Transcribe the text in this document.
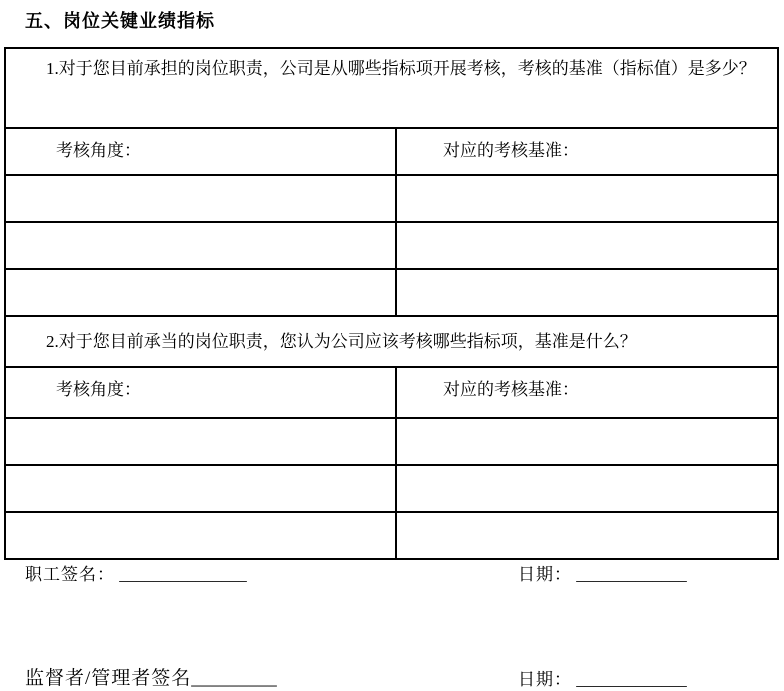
五、岗位关键业绩指标
1.对于您目前承担的岗位职责，公司是从哪些指标项开展考核，考核的基准（指标值）是多少？	
考核角度：	对应的考核基准：

2.对于您目前承当的岗位职责，您认为公司应该考核哪些指标项，基准是什么？	
考核角度：	对应的考核基准：

职工签名： _______________	日期： _____________
监督者/管理者签名_________	日期： _____________
